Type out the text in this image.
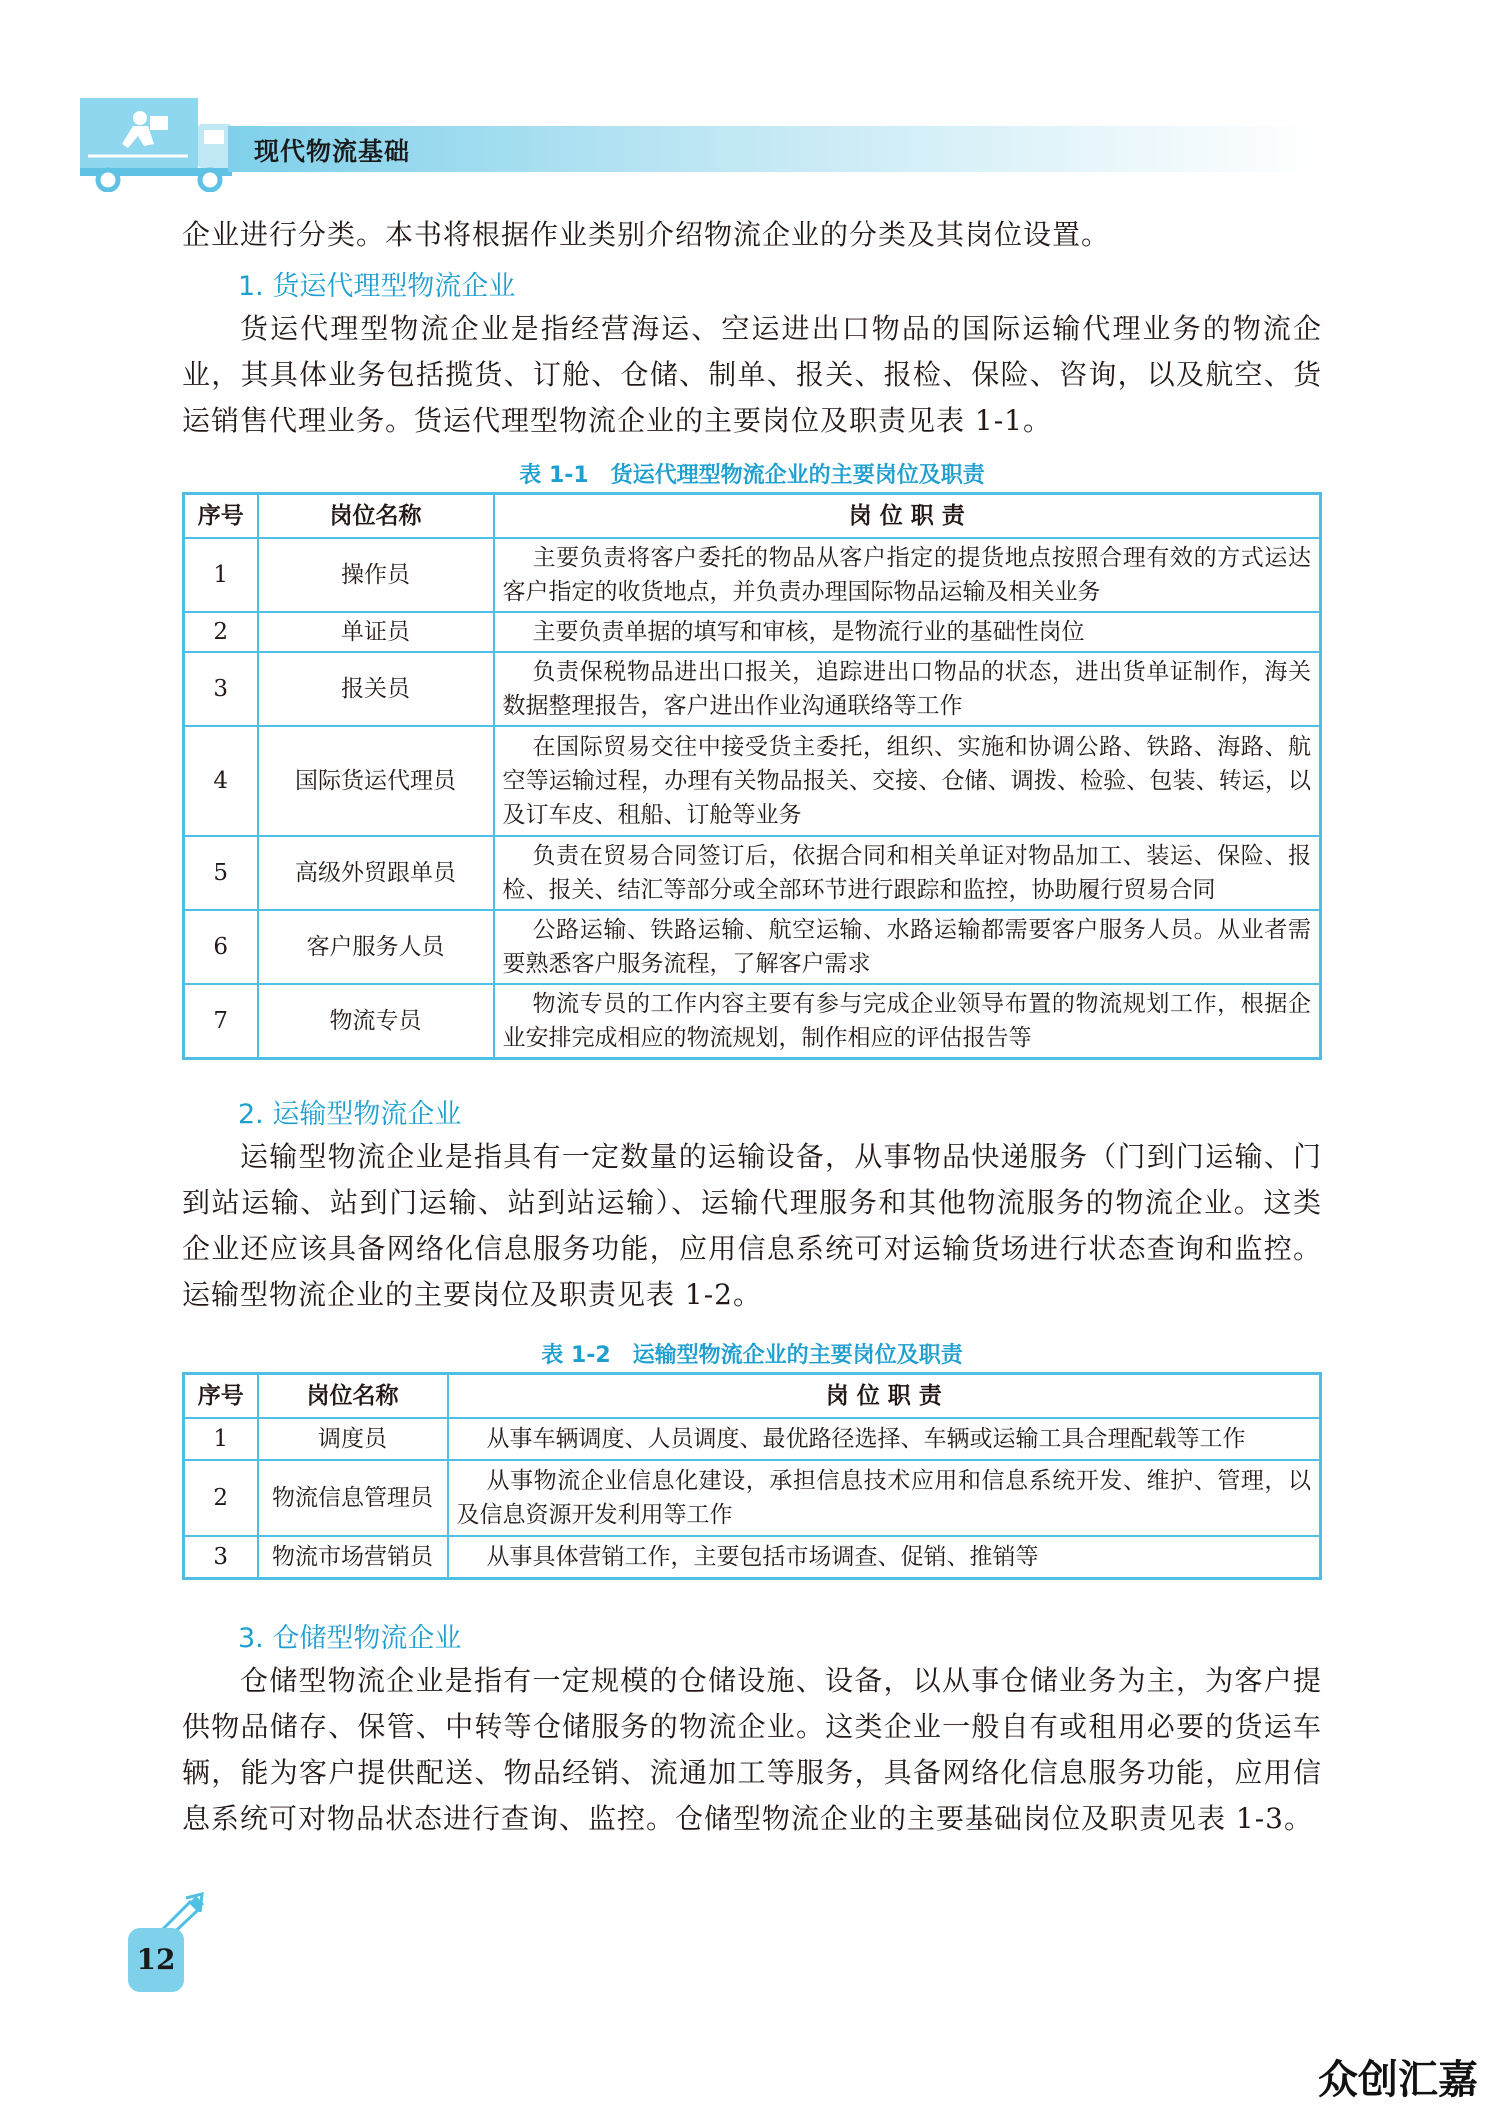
现代物流基础
企业进行分类。本书将根据作业类别介绍物流企业的分类及其岗位设置。
1. 货运代理型物流企业
货运代理型物流企业是指经营海运、空运进出口物品的国际运输代理业务的物流企业，其具体业务包括揽货、订舱、仓储、制单、报关、报检、保险、咨询，以及航空、货运销售代理业务。货运代理型物流企业的主要岗位及职责见表 1-1。
表 1-1　货运代理型物流企业的主要岗位及职责
序号	岗位名称	岗 位 职 责
1	操作员	主要负责将客户委托的物品从客户指定的提货地点按照合理有效的方式运达客户指定的收货地点，并负责办理国际物品运输及相关业务
2	单证员	主要负责单据的填写和审核，是物流行业的基础性岗位
3	报关员	负责保税物品进出口报关，追踪进出口物品的状态，进出货单证制作，海关数据整理报告，客户进出作业沟通联络等工作
4	国际货运代理员	在国际贸易交往中接受货主委托，组织、实施和协调公路、铁路、海路、航空等运输过程，办理有关物品报关、交接、仓储、调拨、检验、包装、转运，以及订车皮、租船、订舱等业务
5	高级外贸跟单员	负责在贸易合同签订后，依据合同和相关单证对物品加工、装运、保险、报检、报关、结汇等部分或全部环节进行跟踪和监控，协助履行贸易合同
6	客户服务人员	公路运输、铁路运输、航空运输、水路运输都需要客户服务人员。从业者需要熟悉客户服务流程，了解客户需求
7	物流专员	物流专员的工作内容主要有参与完成企业领导布置的物流规划工作，根据企业安排完成相应的物流规划，制作相应的评估报告等
2. 运输型物流企业
运输型物流企业是指具有一定数量的运输设备，从事物品快递服务（门到门运输、门到站运输、站到门运输、站到站运输）、运输代理服务和其他物流服务的物流企业。这类企业还应该具备网络化信息服务功能，应用信息系统可对运输货场进行状态查询和监控。运输型物流企业的主要岗位及职责见表 1-2。
表 1-2　运输型物流企业的主要岗位及职责
序号	岗位名称	岗 位 职 责
1	调度员	从事车辆调度、人员调度、最优路径选择、车辆或运输工具合理配载等工作
2	物流信息管理员	从事物流企业信息化建设，承担信息技术应用和信息系统开发、维护、管理，以及信息资源开发利用等工作
3	物流市场营销员	从事具体营销工作，主要包括市场调查、促销、推销等
3. 仓储型物流企业
仓储型物流企业是指有一定规模的仓储设施、设备，以从事仓储业务为主，为客户提供物品储存、保管、中转等仓储服务的物流企业。这类企业一般自有或租用必要的货运车辆，能为客户提供配送、物品经销、流通加工等服务，具备网络化信息服务功能，应用信息系统可对物品状态进行查询、监控。仓储型物流企业的主要基础岗位及职责见表 1-3。
12
众创汇嘉
